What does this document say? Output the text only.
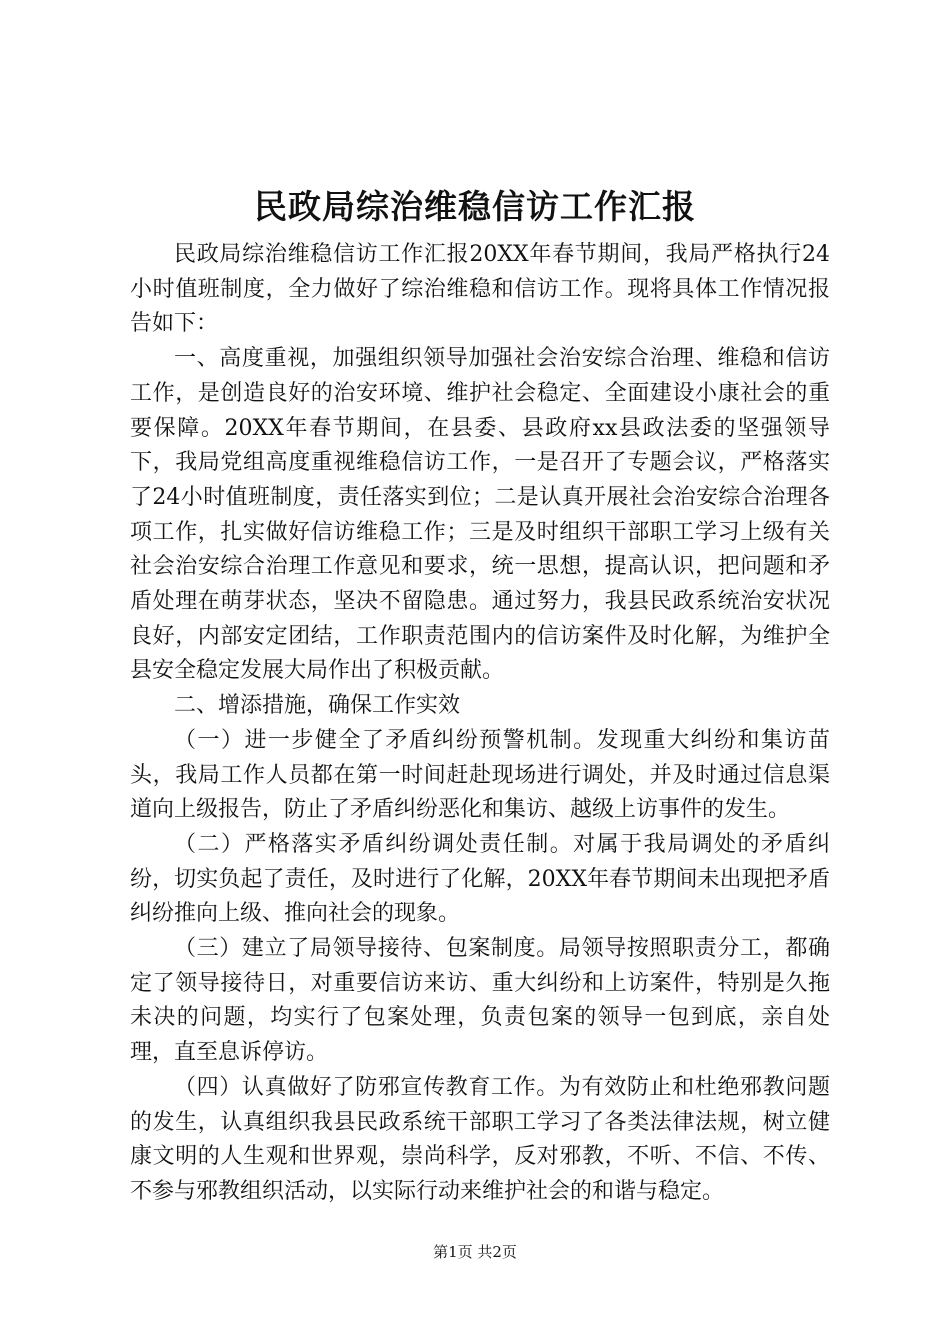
民政局综治维稳信访工作汇报

民政局综治维稳信访工作汇报20XX年春节期间，我局严格执行24小时值班制度，全力做好了综治维稳和信访工作。现将具体工作情况报告如下：

一、高度重视，加强组织领导加强社会治安综合治理、维稳和信访工作，是创造良好的治安环境、维护社会稳定、全面建设小康社会的重要保障。20XX年春节期间，在县委、县政府xx县政法委的坚强领导下，我局党组高度重视维稳信访工作，一是召开了专题会议，严格落实了24小时值班制度，责任落实到位；二是认真开展社会治安综合治理各项工作，扎实做好信访维稳工作；三是及时组织干部职工学习上级有关社会治安综合治理工作意见和要求，统一思想，提高认识，把问题和矛盾处理在萌芽状态，坚决不留隐患。通过努力，我县民政系统治安状况良好，内部安定团结，工作职责范围内的信访案件及时化解，为维护全县安全稳定发展大局作出了积极贡献。

二、增添措施，确保工作实效

（一）进一步健全了矛盾纠纷预警机制。发现重大纠纷和集访苗头，我局工作人员都在第一时间赶赴现场进行调处，并及时通过信息渠道向上级报告，防止了矛盾纠纷恶化和集访、越级上访事件的发生。

（二）严格落实矛盾纠纷调处责任制。对属于我局调处的矛盾纠纷，切实负起了责任，及时进行了化解，20XX年春节期间未出现把矛盾纠纷推向上级、推向社会的现象。

（三）建立了局领导接待、包案制度。局领导按照职责分工，都确定了领导接待日，对重要信访来访、重大纠纷和上访案件，特别是久拖未决的问题，均实行了包案处理，负责包案的领导一包到底，亲自处理，直至息诉停访。

（四）认真做好了防邪宣传教育工作。为有效防止和杜绝邪教问题的发生，认真组织我县民政系统干部职工学习了各类法律法规，树立健康文明的人生观和世界观，崇尚科学，反对邪教，不听、不信、不传、不参与邪教组织活动，以实际行动来维护社会的和谐与稳定。

第1页 共2页
